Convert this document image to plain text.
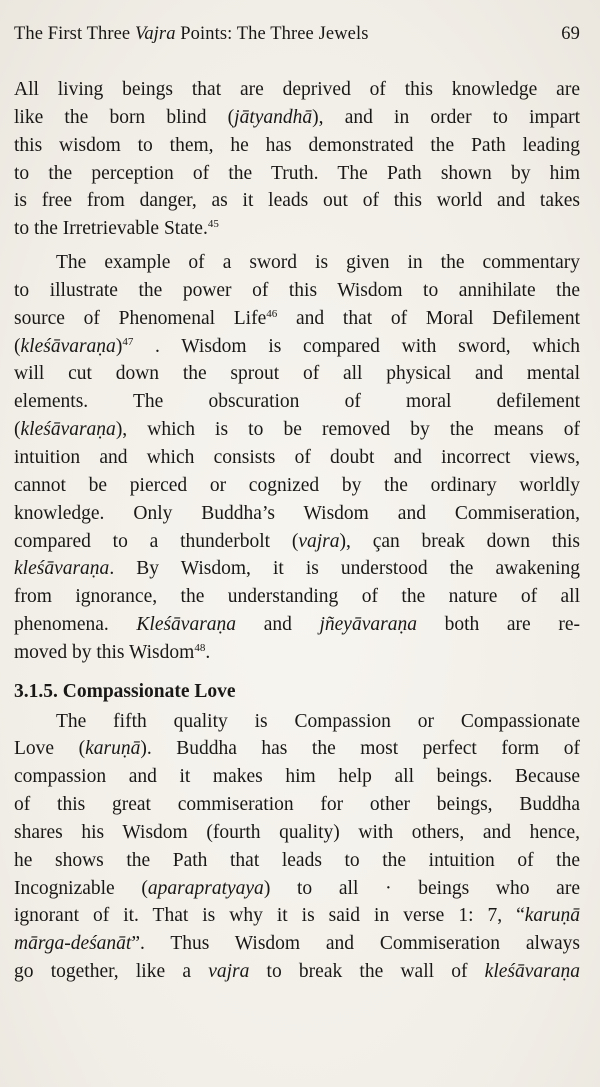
The First Three Vajra Points: The Three Jewels	69
All living beings that are deprived of this knowledge are
like the born blind (jātyandhā), and in order to impart
this wisdom to them, he has demonstrated the Path leading
to the perception of the Truth. The Path shown by him
is free from danger, as it leads out of this world and takes
to the Irretrievable State.$^{45}$
The example of a sword is given in the commentary
to illustrate the power of this Wisdom to annihilate the
source of Phenomenal Life$^{46}$ and that of Moral Defilement
(kleśāvaraṇa)$^{47}$ . Wisdom is compared with sword, which
will cut down the sprout of all physical and mental
elements. The obscuration of moral defilement
(kleśāvaraṇa), which is to be removed by the means of
intuition and which consists of doubt and incorrect views,
cannot be pierced or cognized by the ordinary worldly
knowledge. Only Buddha’s Wisdom and Commiseration,
compared to a thunderbolt (vajra), çan break down this
kleśāvaraṇa. By Wisdom, it is understood the awakening
from ignorance, the understanding of the nature of all
phenomena. Kleśāvaraṇa and jñeyāvaraṇa both are re-
moved by this Wisdom$^{48}$.
3.1.5. Compassionate Love
The fifth quality is Compassion or Compassionate
Love (karuṇā). Buddha has the most perfect form of
compassion and it makes him help all beings. Because
of this great commiseration for other beings, Buddha
shares his Wisdom (fourth quality) with others, and hence,
he shows the Path that leads to the intuition of the
Incognizable (aparapratyaya) to all · beings who are
ignorant of it. That is why it is said in verse 1: 7, “karuṇā
mārga-deśanāt”. Thus Wisdom and Commiseration always
go together, like a vajra to break the wall of kleśāvaraṇa
